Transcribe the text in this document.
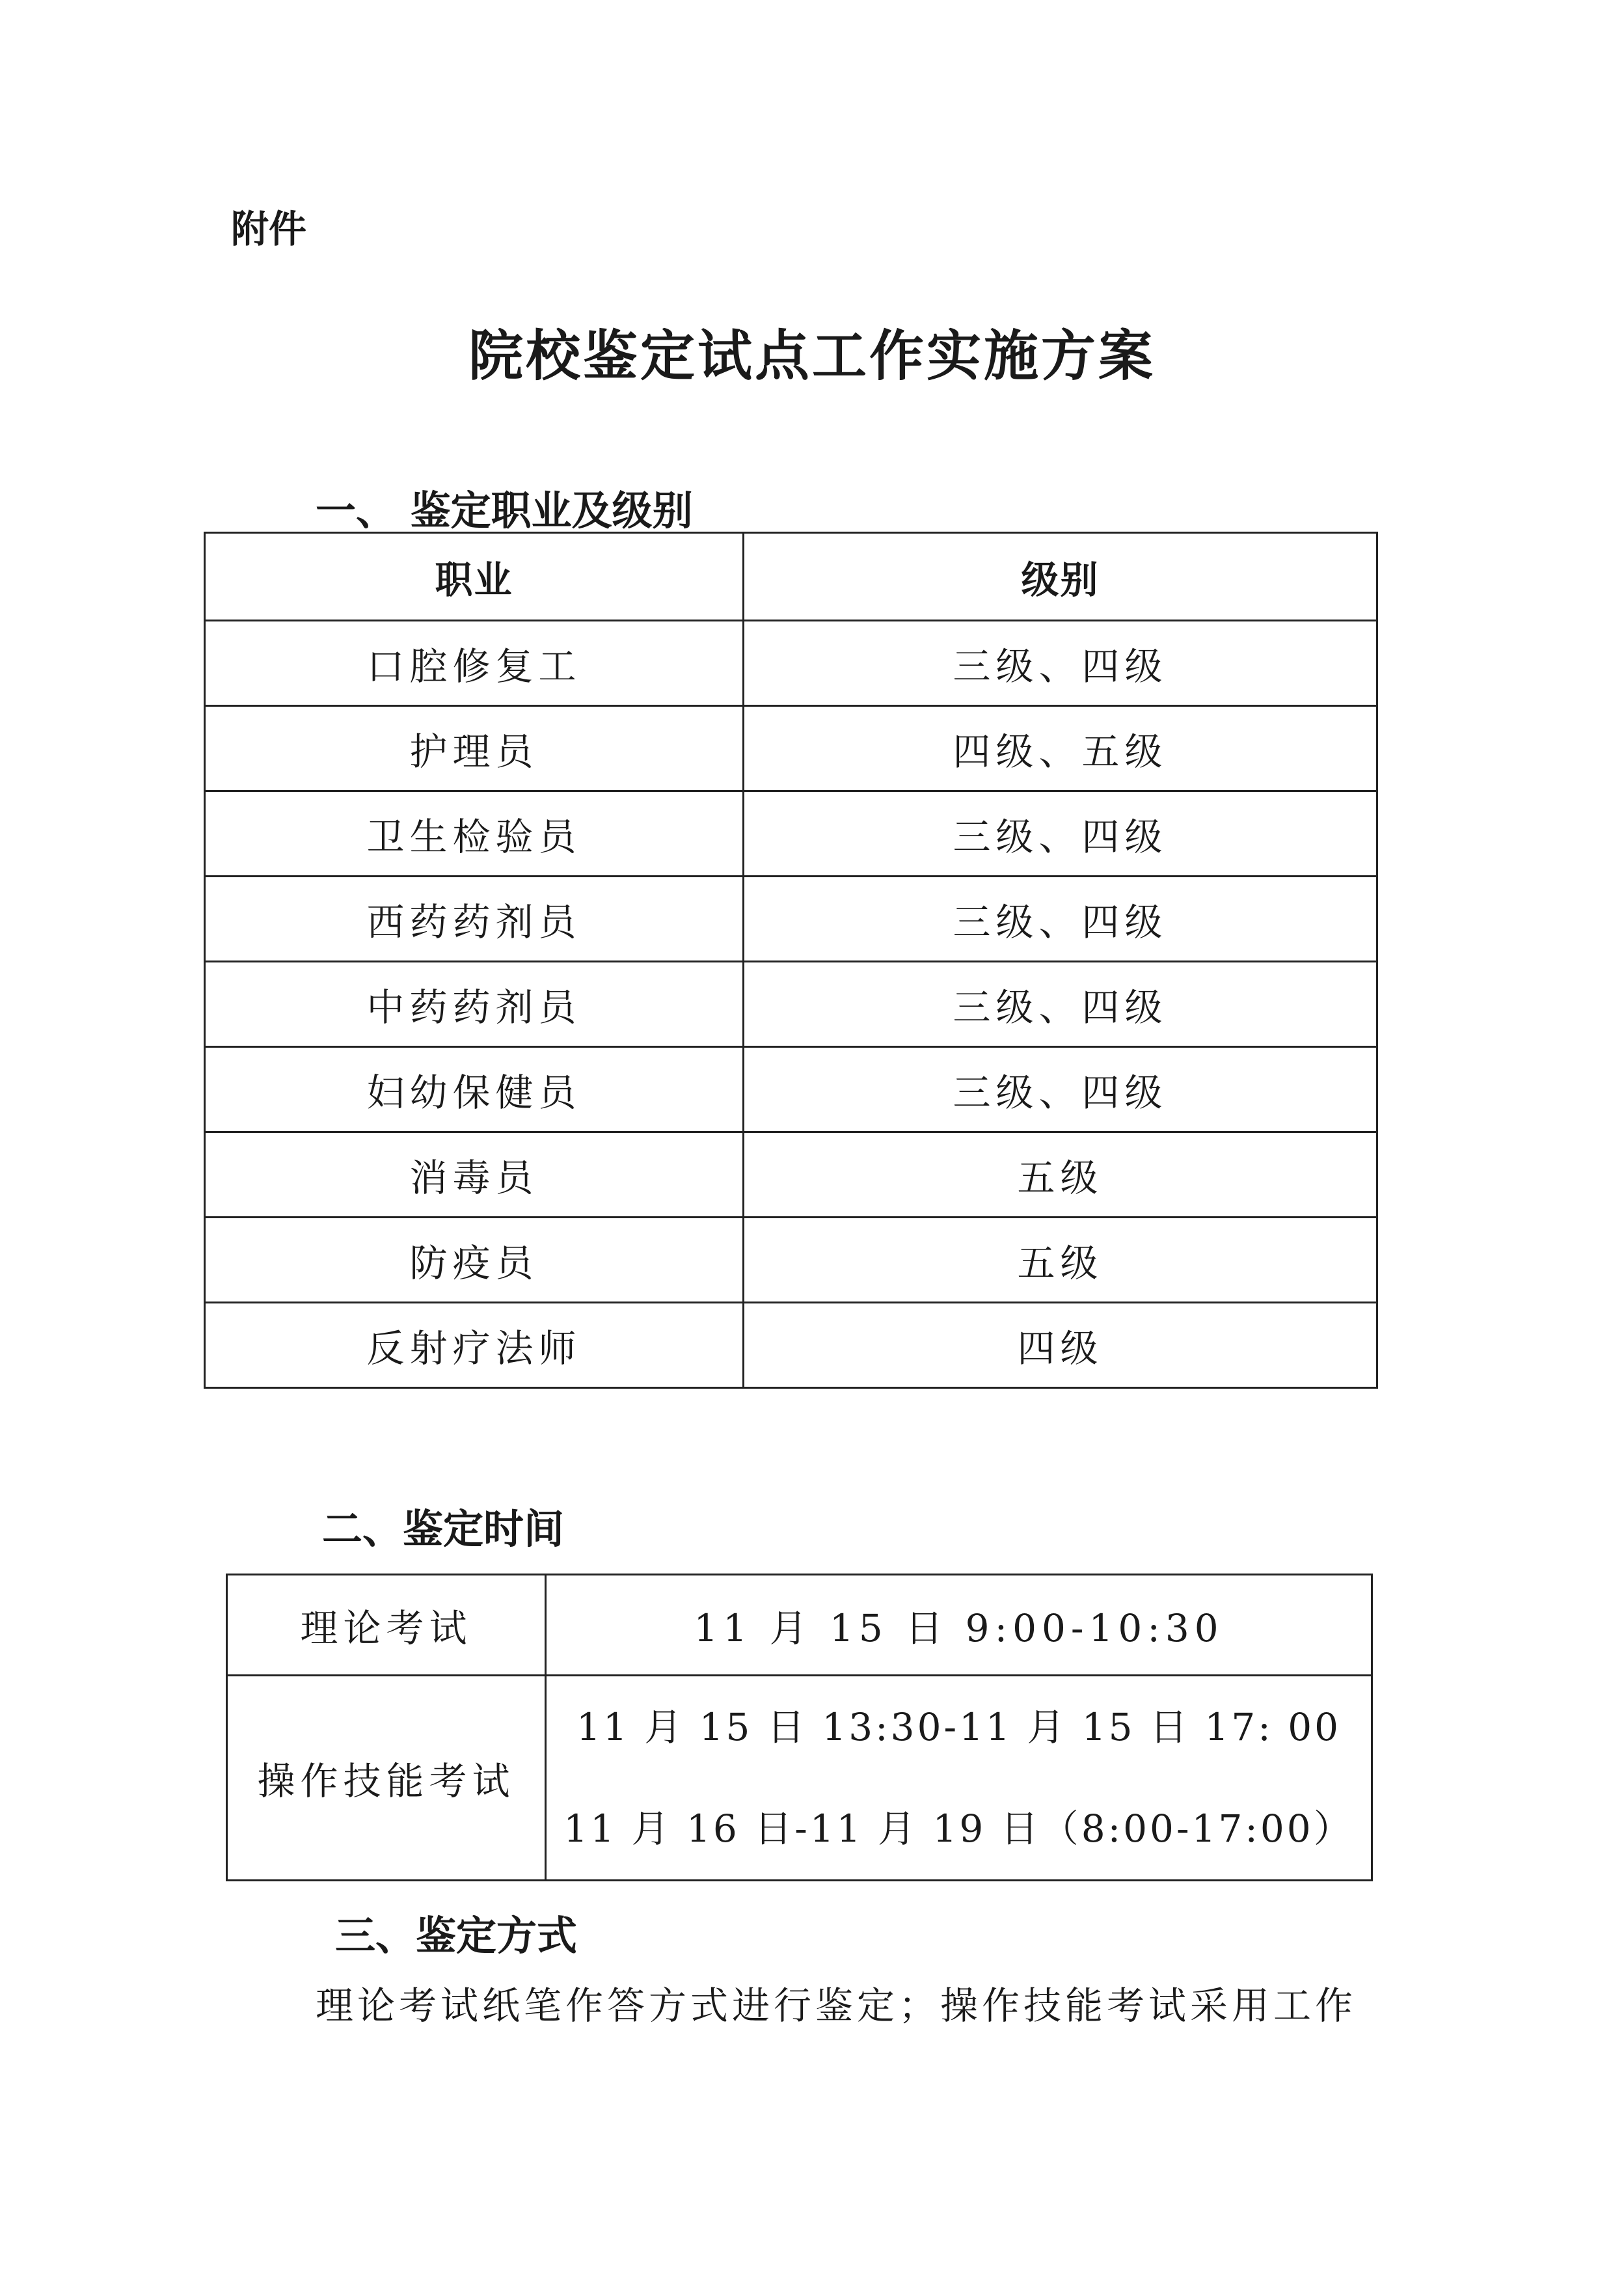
附件
院校鉴定试点工作实施方案
一、 鉴定职业及级别
职业	级别
口腔修复工	三级、四级
护理员	四级、五级
卫生检验员	三级、四级
西药药剂员	三级、四级
中药药剂员	三级、四级
妇幼保健员	三级、四级
消毒员	五级
防疫员	五级
反射疗法师	四级
二、鉴定时间
理论考试	11 月 15 日 9:00-10:30
操作技能考试	11 月 15 日 13:30-11 月 15 日 17: 00
11 月 16 日-11 月 19 日（8:00-17:00）
三、鉴定方式
理论考试纸笔作答方式进行鉴定；操作技能考试采用工作
